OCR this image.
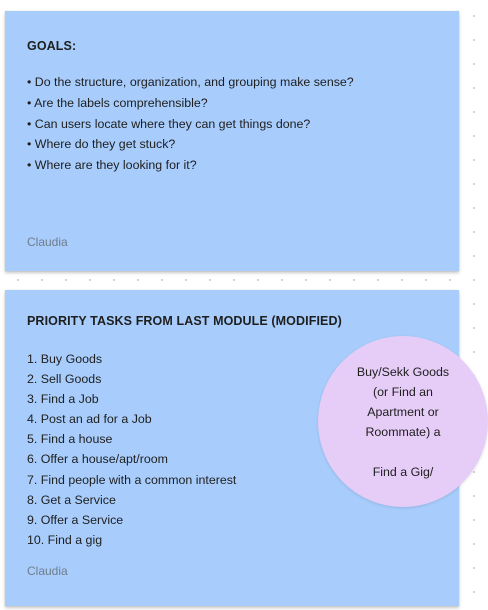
GOALS:
• Do the structure, organization, and grouping make sense?
• Are the labels comprehensible?
• Can users locate where they can get things done?
• Where do they get stuck?
• Where are they looking for it?
Claudia
PRIORITY TASKS FROM LAST MODULE (MODIFIED)
1. Buy Goods
2. Sell Goods
3. Find a Job
4. Post an ad for a Job
5. Find a house
6. Offer a house/apt/room
7. Find people with a common interest
8. Get a Service
9. Offer a Service
10. Find a gig
Claudia
Buy/Sekk Goods
(or Find an
Apartment or
Roommate) a
Find a Gig/
